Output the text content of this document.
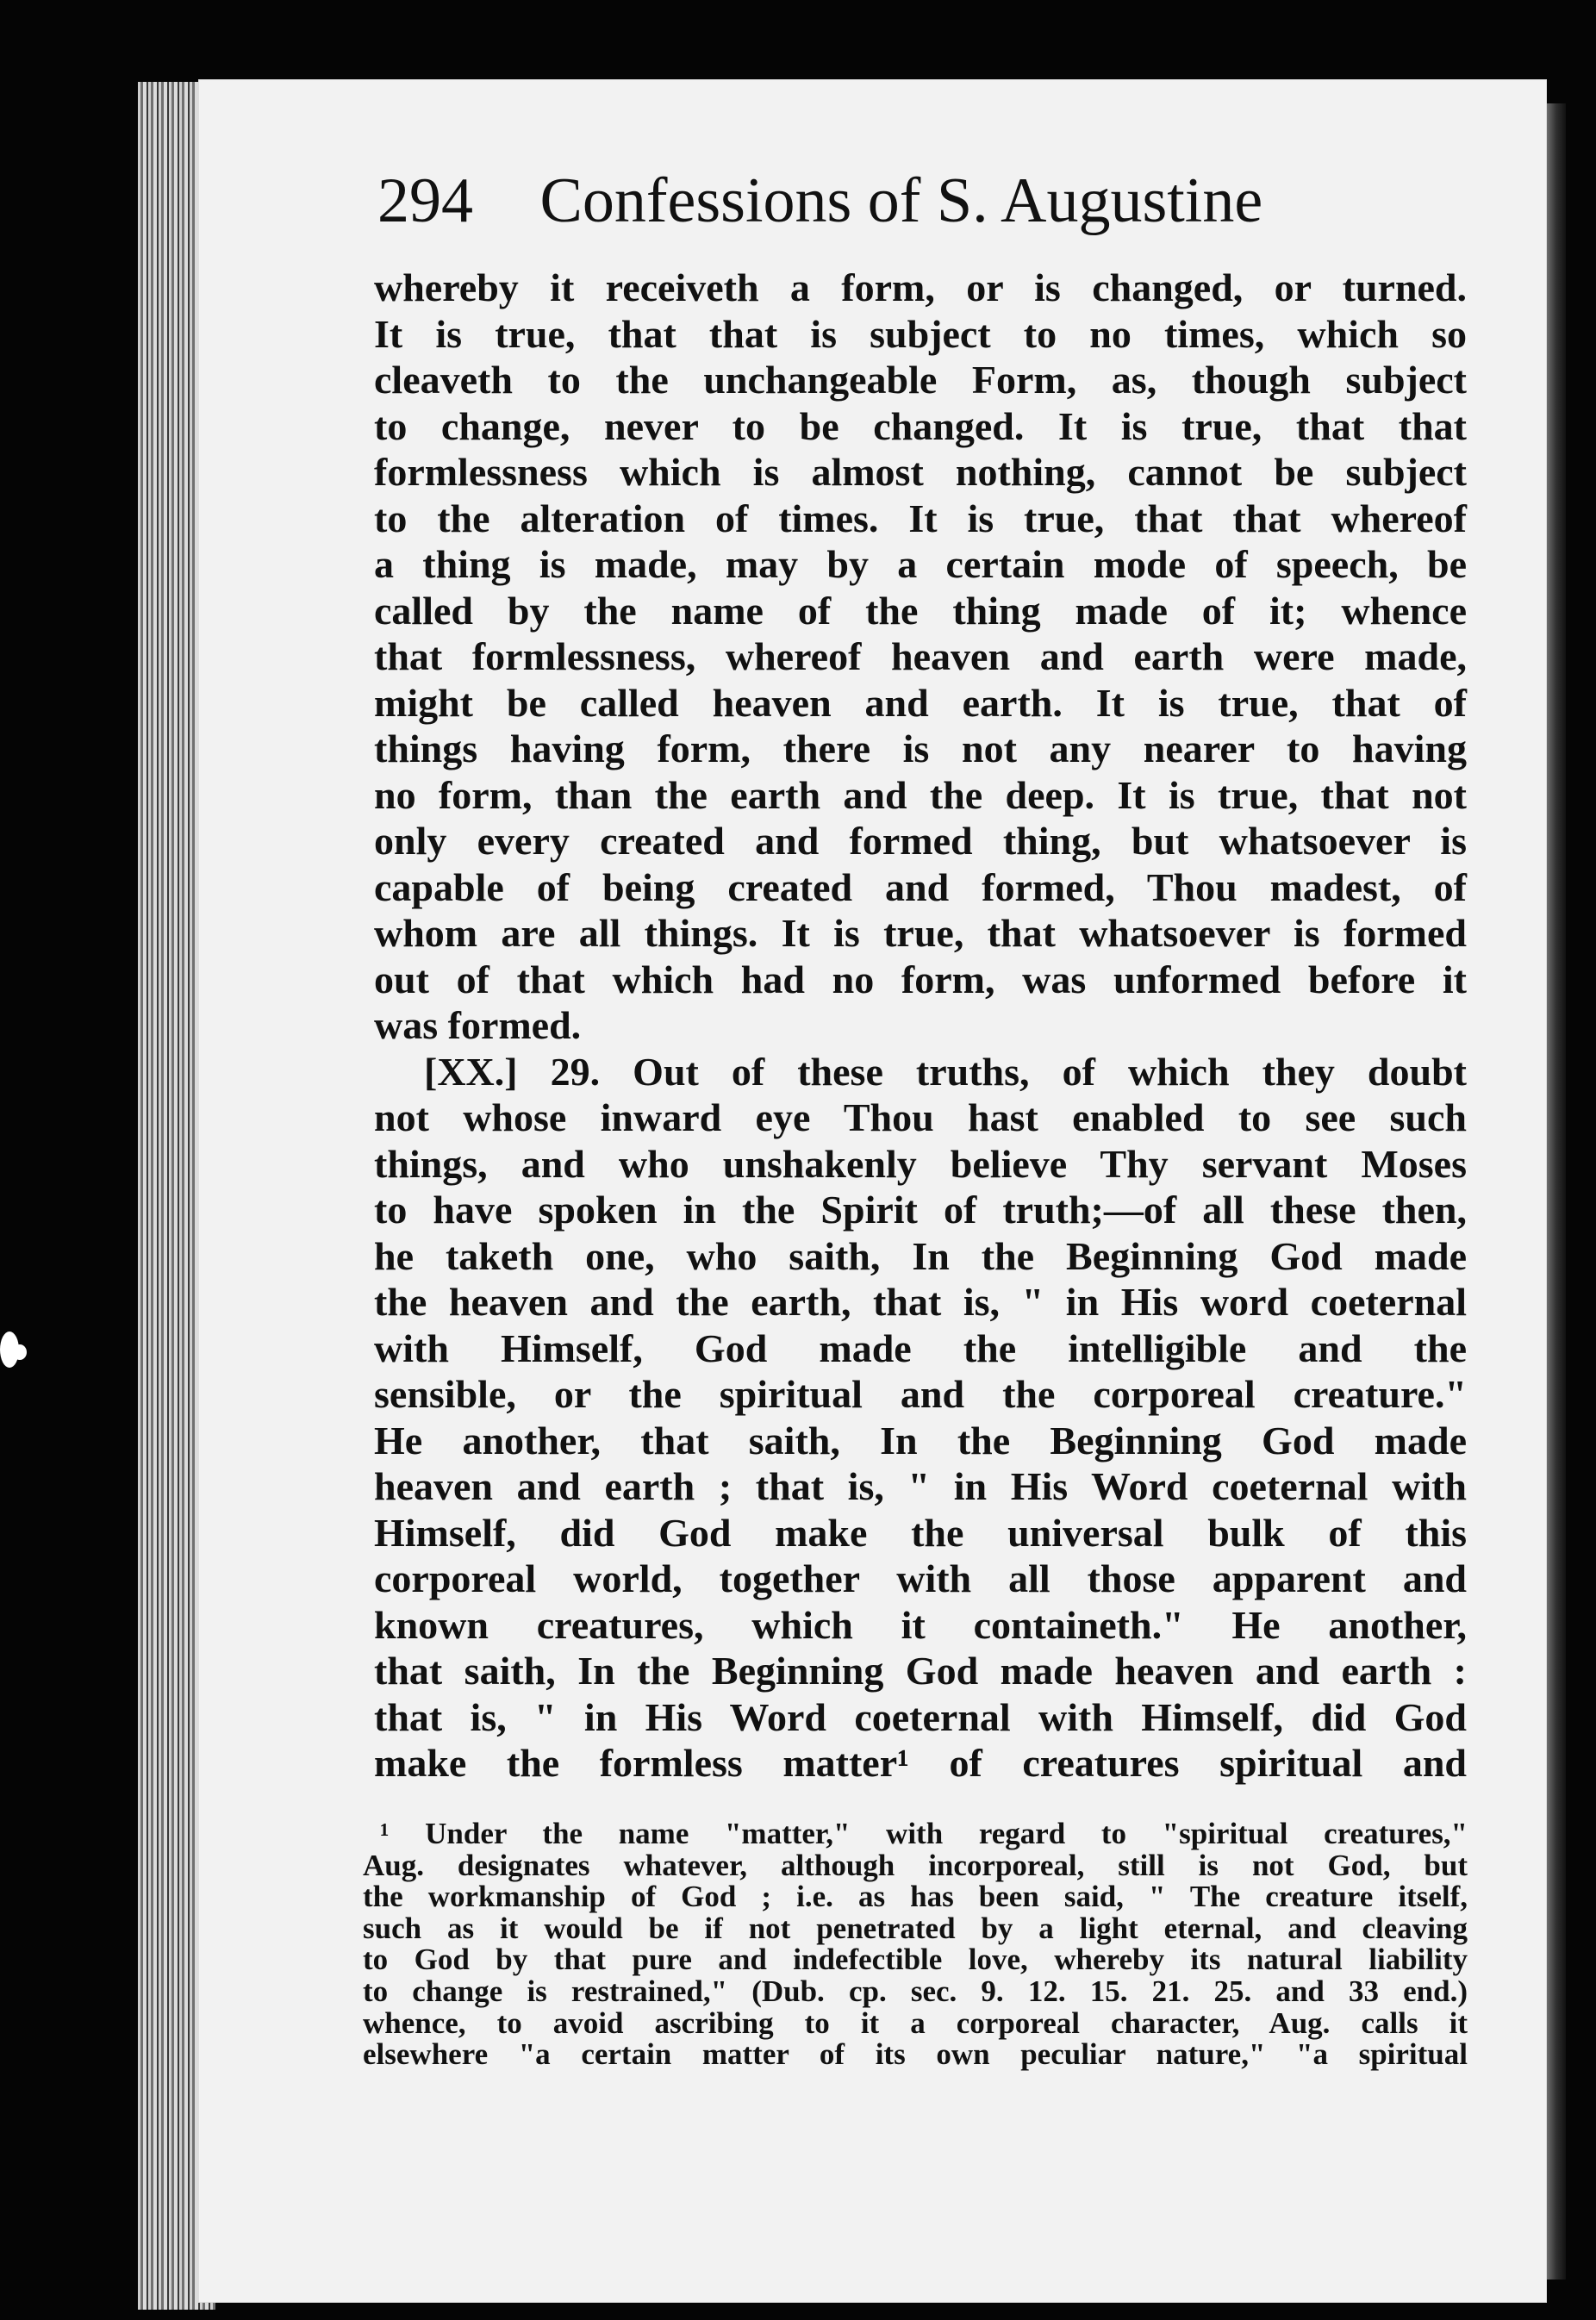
294 Confessions of S. Augustine
whereby it receiveth a form, or is changed, or turned.
It is true, that that is subject to no times, which so
cleaveth to the unchangeable Form, as, though subject
to change, never to be changed. It is true, that that
formlessness which is almost nothing, cannot be subject
to the alteration of times. It is true, that that whereof
a thing is made, may by a certain mode of speech, be
called by the name of the thing made of it; whence
that formlessness, whereof heaven and earth were made,
might be called heaven and earth. It is true, that of
things having form, there is not any nearer to having
no form, than the earth and the deep. It is true, that not
only every created and formed thing, but whatsoever is
capable of being created and formed, Thou madest, of
whom are all things. It is true, that whatsoever is formed
out of that which had no form, was unformed before it
was formed.
[XX.] 29. Out of these truths, of which they doubt
not whose inward eye Thou hast enabled to see such
things, and who unshakenly believe Thy servant Moses
to have spoken in the Spirit of truth;—of all these then,
he taketh one, who saith, In the Beginning God made
the heaven and the earth, that is, " in His word coeternal
with Himself, God made the intelligible and the
sensible, or the spiritual and the corporeal creature."
He another, that saith, In the Beginning God made
heaven and earth ; that is, " in His Word coeternal with
Himself, did God make the universal bulk of this
corporeal world, together with all those apparent and
known creatures, which it containeth." He another,
that saith, In the Beginning God made heaven and earth :
that is, " in His Word coeternal with Himself, did God
make the formless matter¹ of creatures spiritual and
¹ Under the name "matter," with regard to "spiritual creatures,"
Aug. designates whatever, although incorporeal, still is not God, but
the workmanship of God ; i.e. as has been said, " The creature itself,
such as it would be if not penetrated by a light eternal, and cleaving
to God by that pure and indefectible love, whereby its natural liability
to change is restrained," (Dub. cp. sec. 9. 12. 15. 21. 25. and 33 end.)
whence, to avoid ascribing to it a corporeal character, Aug. calls it
elsewhere "a certain matter of its own peculiar nature," "a spiritual
